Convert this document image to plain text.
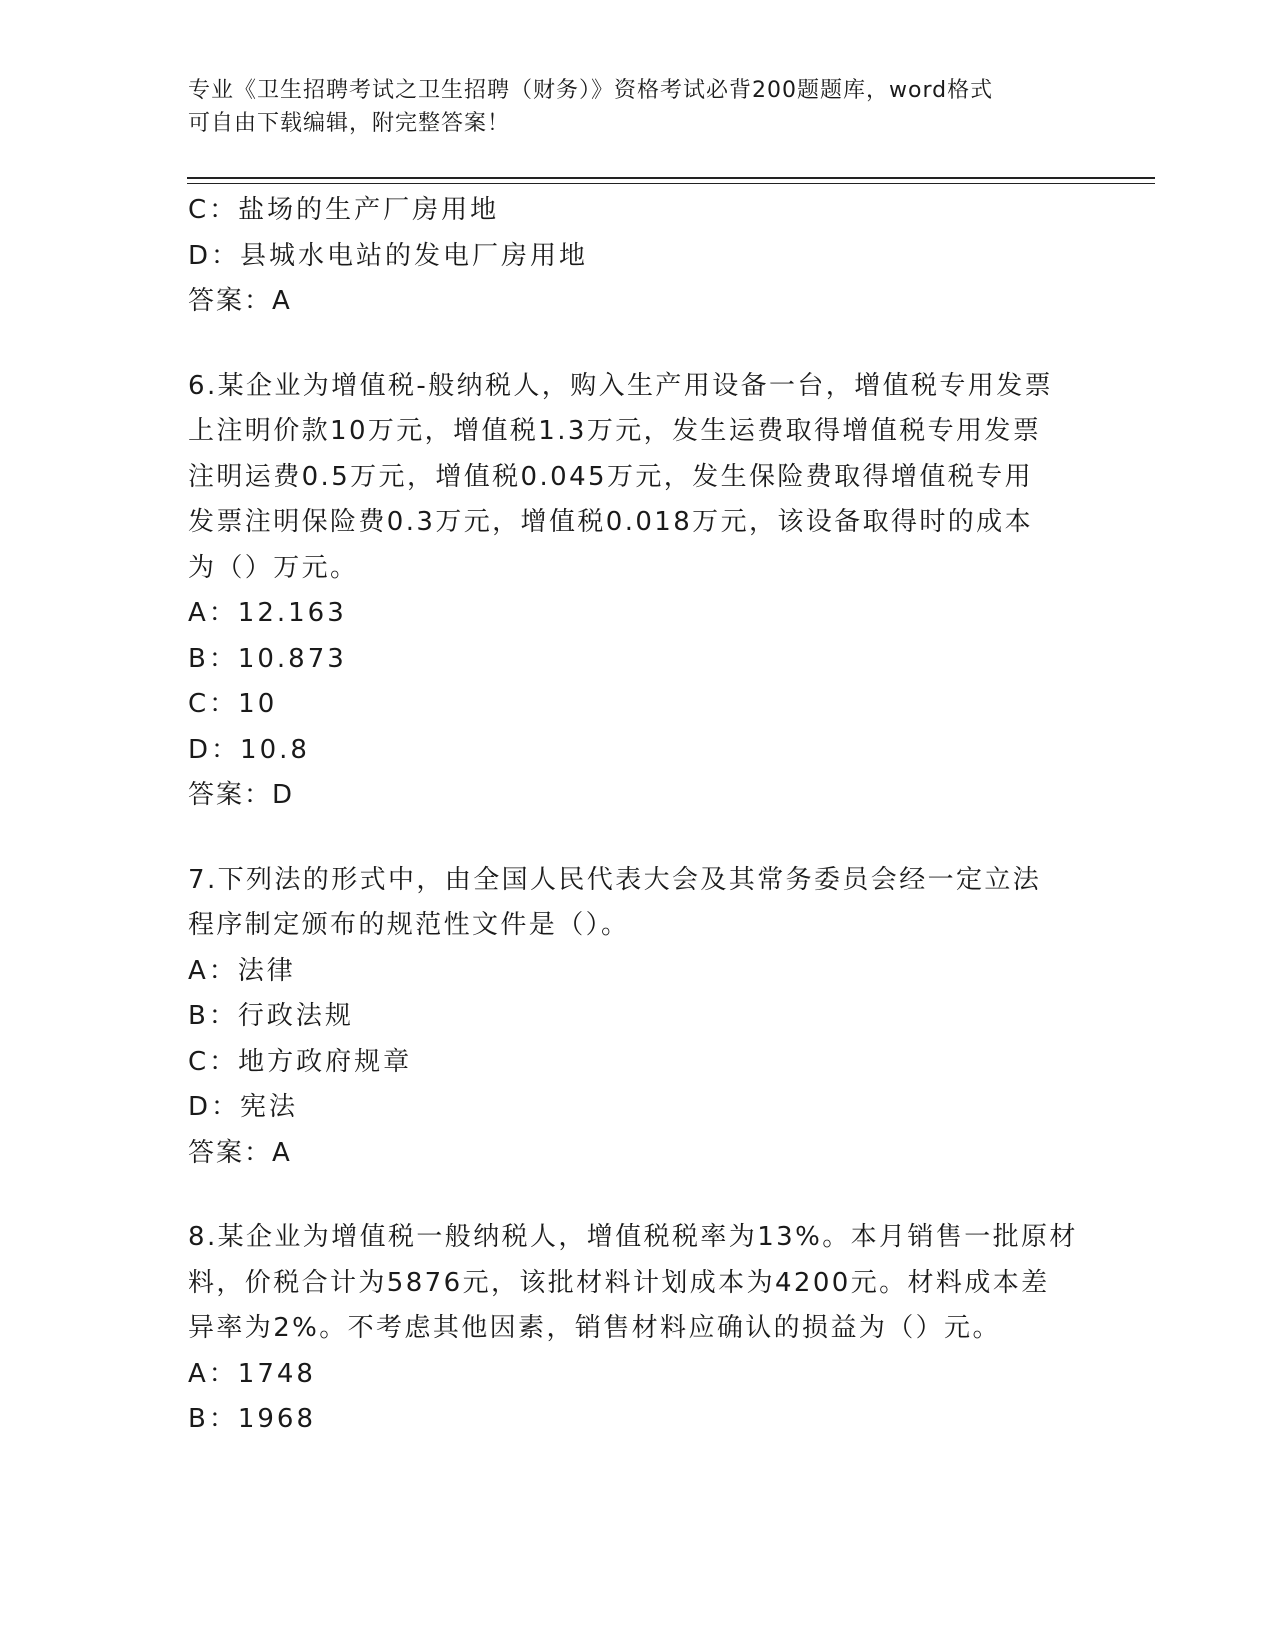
专业《卫生招聘考试之卫生招聘（财务）》资格考试必背200题题库，word格式
可自由下载编辑，附完整答案！
C：盐场的生产厂房用地
D：县城水电站的发电厂房用地
答案：A
6.某企业为增值税-般纳税人，购入生产用设备一台，增值税专用发票
上注明价款10万元，增值税1.3万元，发生运费取得增值税专用发票
注明运费0.5万元，增值税0.045万元，发生保险费取得增值税专用
发票注明保险费0.3万元，增值税0.018万元，该设备取得时的成本
为（）万元。
A：12.163
B：10.873
C：10
D：10.8
答案：D
7.下列法的形式中，由全国人民代表大会及其常务委员会经一定立法
程序制定颁布的规范性文件是（）。
A：法律
B：行政法规
C：地方政府规章
D：宪法
答案：A
8.某企业为增值税一般纳税人，增值税税率为13%。本月销售一批原材
料，价税合计为5876元，该批材料计划成本为4200元。材料成本差
异率为2%。不考虑其他因素，销售材料应确认的损益为（）元。
A：1748
B：1968
